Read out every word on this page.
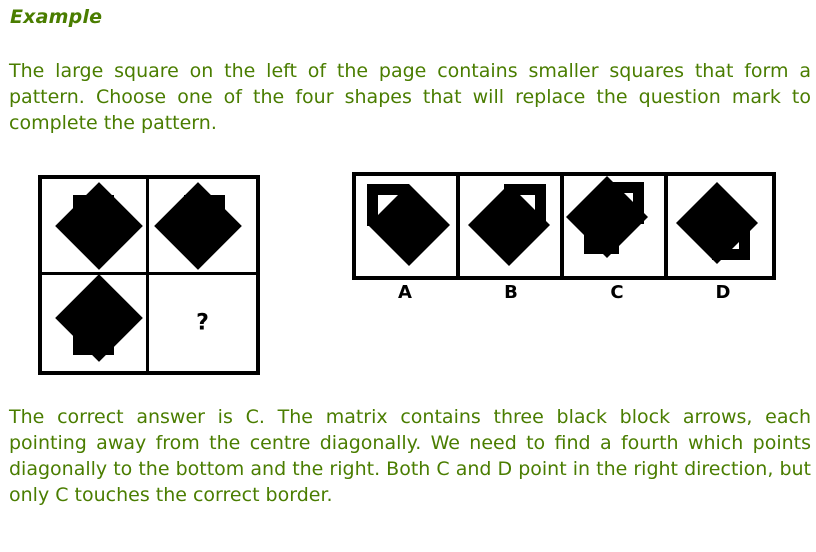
Example
The large square on the left of the page contains smaller squares that form a pattern. Choose one of the four shapes that will replace the question mark to complete the pattern.
?
A	B	C	D
The correct answer is C. The matrix contains three black block arrows, each pointing away from the centre diagonally. We need to find a fourth which points diagonally to the bottom and the right. Both C and D point in the right direction, but only C touches the correct border.
